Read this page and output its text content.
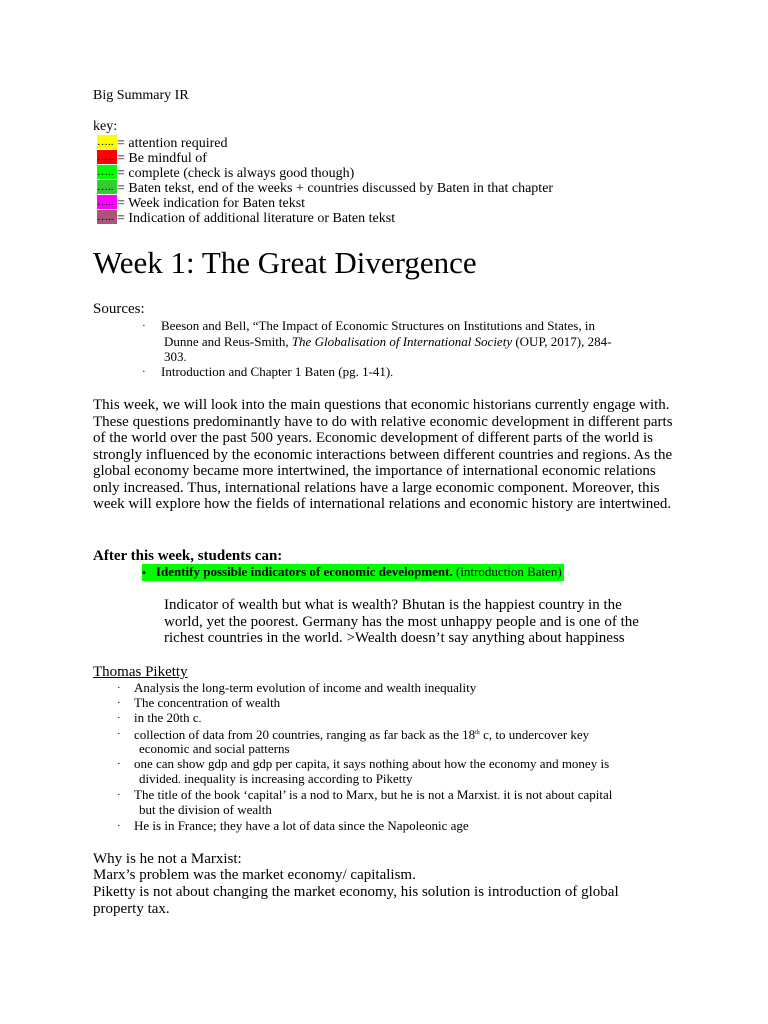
Big Summary IR
key:
….. = attention required
….. = Be mindful of
….. = complete (check is always good though)
….. = Baten tekst, end of the weeks + countries discussed by Baten in that chapter
….. = Week indication for Baten tekst
….. = Indication of additional literature or Baten tekst
Week 1: The Great Divergence
Sources:
· Beeson and Bell, “The Impact of Economic Structures on Institutions and States, in
Dunne and Reus-Smith, The Globalisation of International Society (OUP, 2017), 284-
303.
· Introduction and Chapter 1 Baten (pg. 1-41).
This week, we will look into the main questions that economic historians currently engage with. These questions predominantly have to do with relative economic development in different parts of the world over the past 500 years. Economic development of different parts of the world is strongly influenced by the economic interactions between different countries and regions. As the global economy became more intertwined, the importance of international economic relations only increased. Thus, international relations have a large economic component. Moreover, this week will explore how the fields of international relations and economic history are intertwined.
After this week, students can:
▪ Identify possible indicators of economic development. (introduction Baten)
Indicator of wealth but what is wealth? Bhutan is the happiest country in the world, yet the poorest. Germany has the most unhappy people and is one of the richest countries in the world. >Wealth doesn’t say anything about happiness
Thomas Piketty
· Analysis the long-term evolution of income and wealth inequality
· The concentration of wealth
· in the 20th c.
· collection of data from 20 countries, ranging as far back as the 18th c, to undercover key
economic and social patterns
· one can show gdp and gdp per capita, it says nothing about how the economy and money is
divided. inequality is increasing according to Piketty
· The title of the book ‘capital’ is a nod to Marx, but he is not a Marxist. it is not about capital
but the division of wealth
· He is in France; they have a lot of data since the Napoleonic age
Why is he not a Marxist:
Marx’s problem was the market economy/ capitalism.
Piketty is not about changing the market economy, his solution is introduction of global property tax.
